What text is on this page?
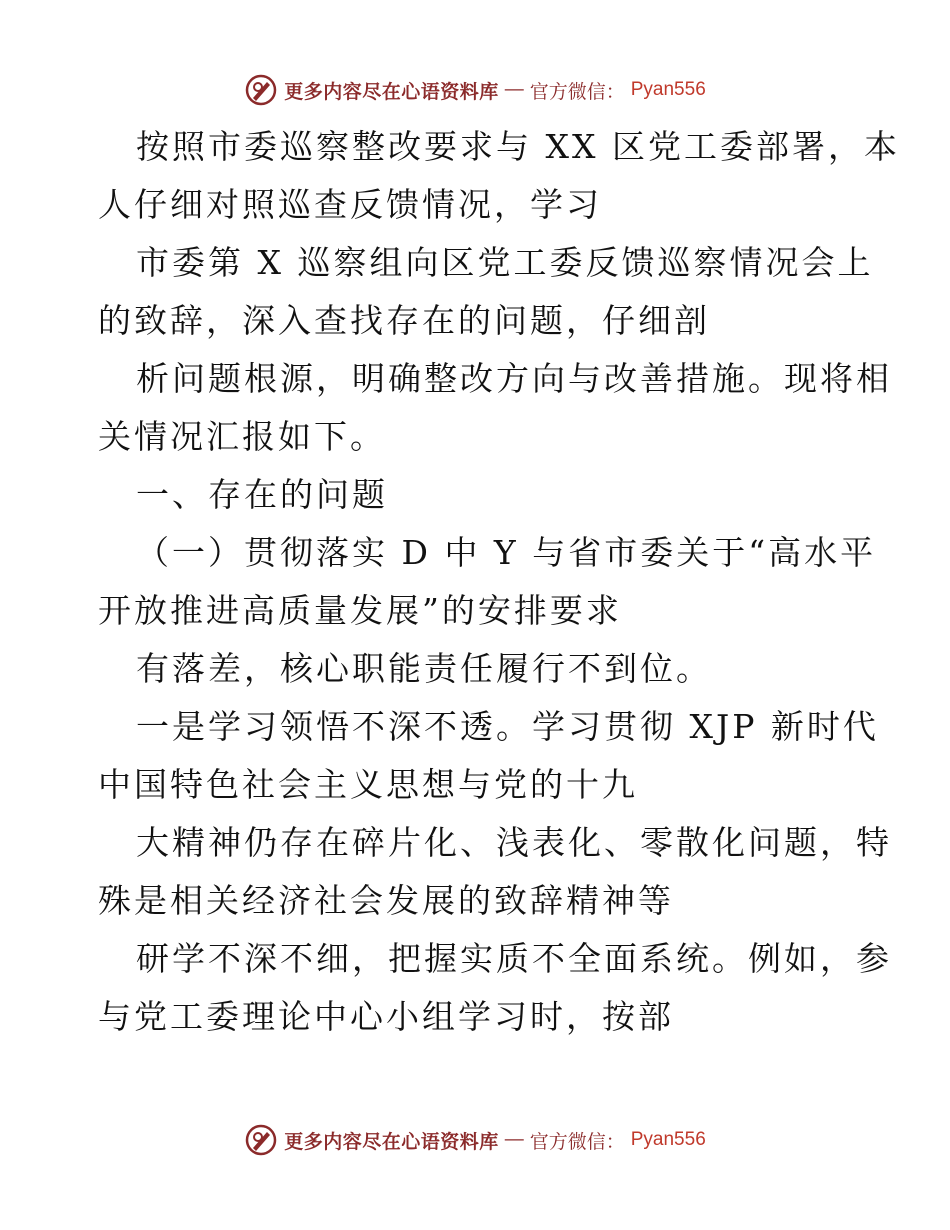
更多内容尽在心语资料库 — 官方微信： Pyan556

按照市委巡察整改要求与 XX 区党工委部署，本
人仔细对照巡查反馈情况，学习

市委第 X 巡察组向区党工委反馈巡察情况会上
的致辞，深入查找存在的问题，仔细剖

析问题根源，明确整改方向与改善措施。现将相
关情况汇报如下。

一、存在的问题

（一）贯彻落实 D 中 Y 与省市委关于“高水平
开放推进高质量发展”的安排要求

有落差，核心职能责任履行不到位。

一是学习领悟不深不透。学习贯彻 XJP 新时代
中国特色社会主义思想与党的十九

大精神仍存在碎片化、浅表化、零散化问题，特
殊是相关经济社会发展的致辞精神等

研学不深不细，把握实质不全面系统。例如，参
与党工委理论中心小组学习时，按部

更多内容尽在心语资料库 — 官方微信： Pyan556
